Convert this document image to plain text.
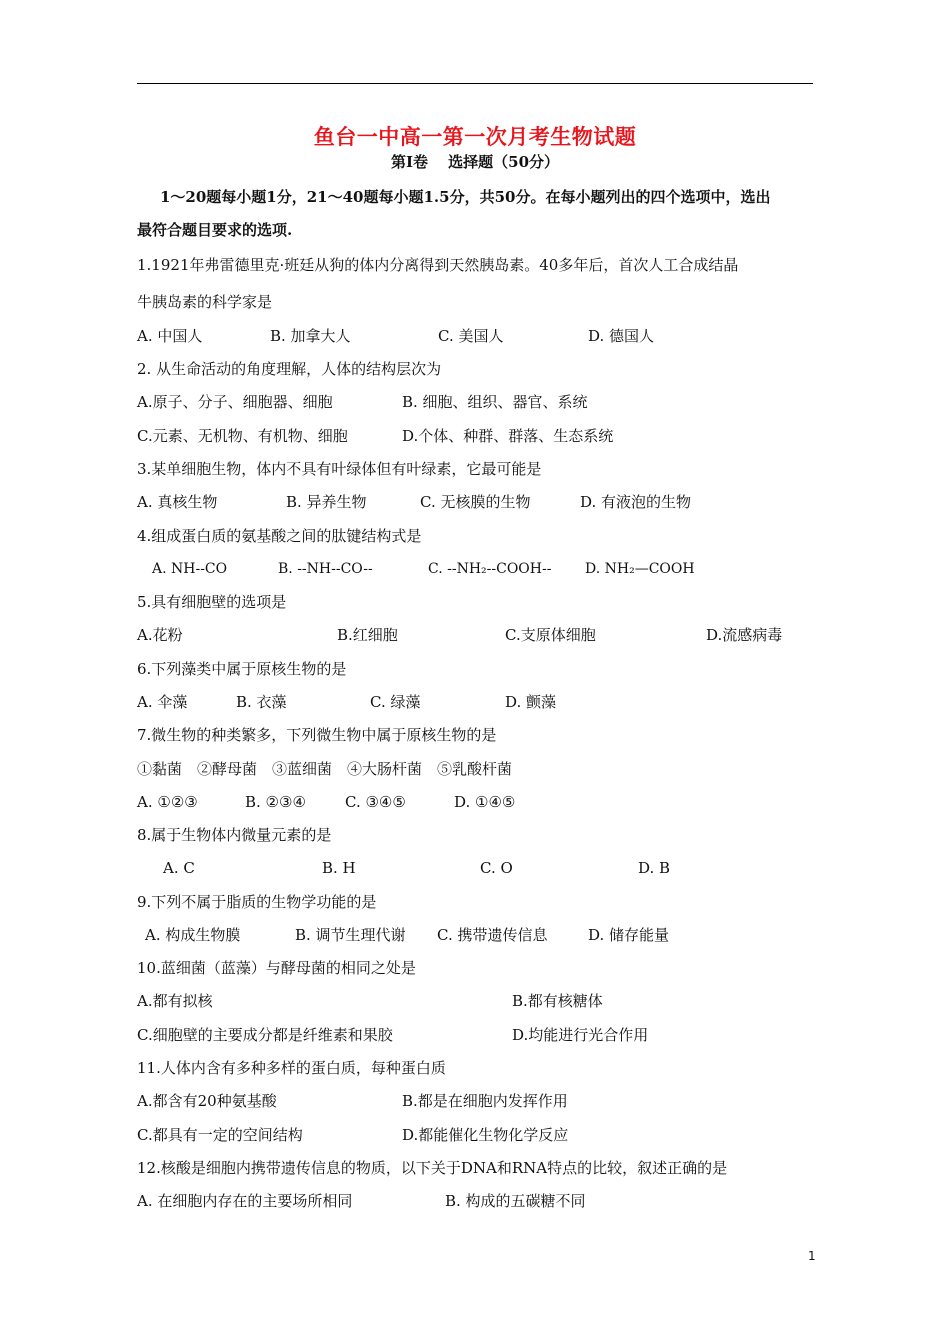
鱼台一中高一第一次月考生物试题
第Ⅰ卷　 选择题（50分）
1～20题每小题1分，21～40题每小题1.5分，共50分。在每小题列出的四个选项中，选出
最符合题目要求的选项.
1.1921年弗雷德里克·班廷从狗的体内分离得到天然胰岛素。40多年后，首次人工合成结晶
牛胰岛素的科学家是
A. 中国人	B. 加拿大人	C. 美国人	D. 德国人
2. 从生命活动的角度理解，人体的结构层次为
A.原子、分子、细胞器、细胞	B. 细胞、组织、器官、系统
C.元素、无机物、有机物、细胞	D.个体、种群、群落、生态系统
3.某单细胞生物，体内不具有叶绿体但有叶绿素，它最可能是
A. 真核生物	B. 异养生物	C. 无核膜的生物	D. 有液泡的生物
4.组成蛋白质的氨基酸之间的肽键结构式是
A. NH--CO	B. --NH--CO--	C. --NH₂--COOH-- D. NH₂—COOH
5.具有细胞壁的选项是
A.花粉	B.红细胞	C.支原体细胞	D.流感病毒
6.下列藻类中属于原核生物的是
A. 伞藻	B. 衣藻	C. 绿藻	D. 颤藻
7.微生物的种类繁多，下列微生物中属于原核生物的是
①黏菌　②酵母菌　③蓝细菌　④大肠杆菌　⑤乳酸杆菌
A. ①②③	B. ②③④	C. ③④⑤	D. ①④⑤
8.属于生物体内微量元素的是
A. C	B. H	C. O	D. B
9.下列不属于脂质的生物学功能的是
A. 构成生物膜	B. 调节生理代谢 C. 携带遗传信息	D. 储存能量
10.蓝细菌（蓝藻）与酵母菌的相同之处是
A.都有拟核	B.都有核糖体
C.细胞壁的主要成分都是纤维素和果胶	D.均能进行光合作用
11.人体内含有多种多样的蛋白质，每种蛋白质
A.都含有20种氨基酸	B.都是在细胞内发挥作用
C.都具有一定的空间结构	D.都能催化生物化学反应
12.核酸是细胞内携带遗传信息的物质，以下关于DNA和RNA特点的比较，叙述正确的是
A. 在细胞内存在的主要场所相同	B. 构成的五碳糖不同
1
